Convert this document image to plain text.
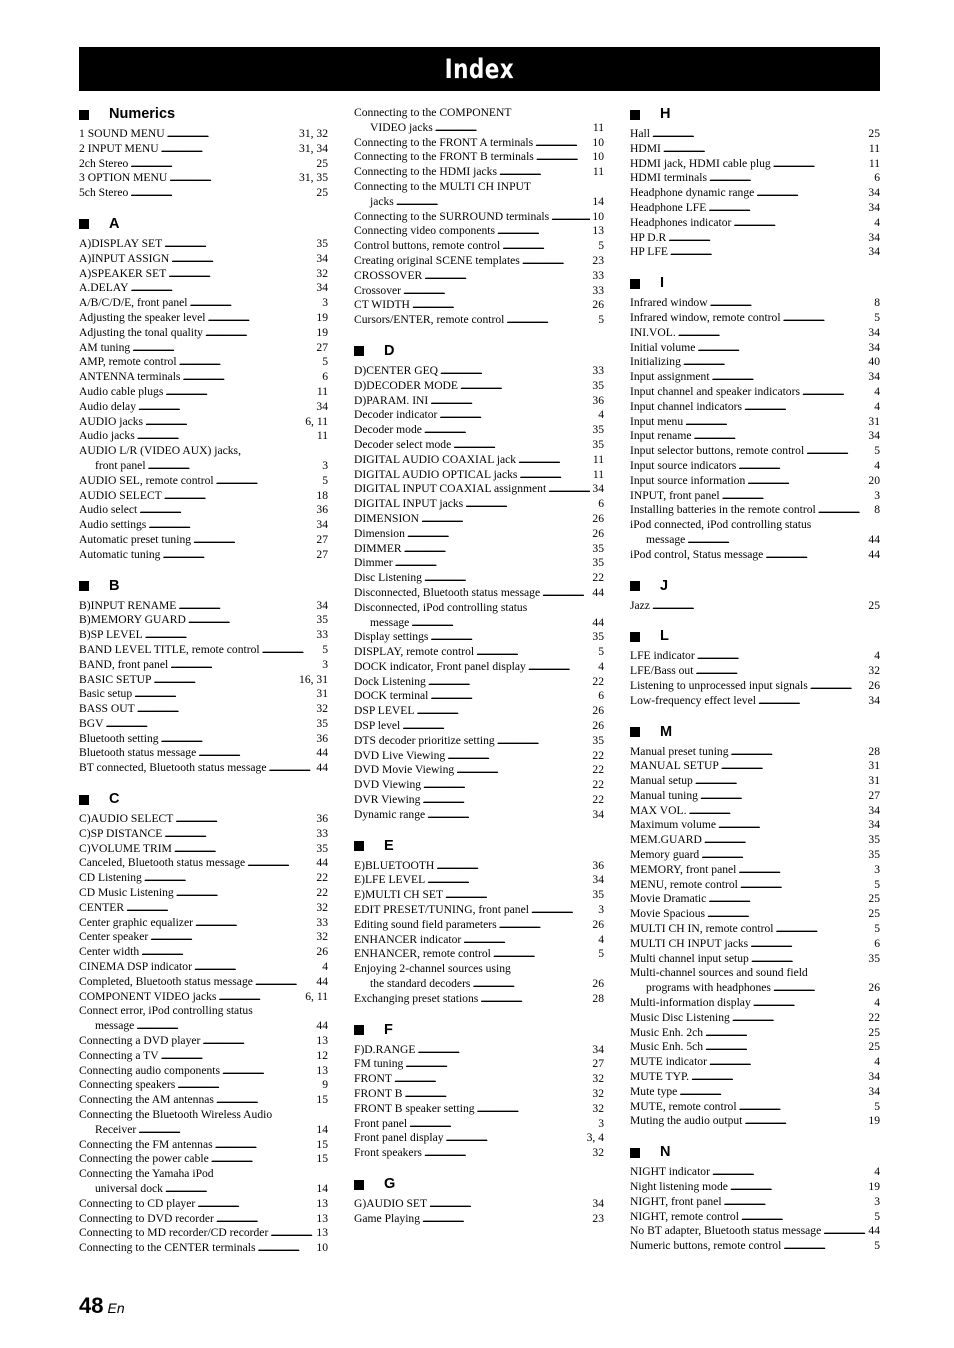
Index
Numerics
1 SOUND MENU . . .	31, 32
2 INPUT MENU . . .	31, 34
2ch Stereo . . .	25
3 OPTION MENU . . .	31, 35
5ch Stereo . . .	25
A
A)DISPLAY SET . . .	35
A)INPUT ASSIGN . . .	34
A)SPEAKER SET . . .	32
A.DELAY . . .	34
A/B/C/D/E, front panel . . .	3
Adjusting the speaker level . . .	19
Adjusting the tonal quality . . .	19
AM tuning . . .	27
AMP, remote control . . .	5
ANTENNA terminals . . .	6
Audio cable plugs . . .	11
Audio delay . . .	34
AUDIO jacks . . .	6, 11
Audio jacks . . .	11
AUDIO L/R (VIDEO AUX) jacks,
front panel . . .	3
AUDIO SEL, remote control . . .	5
AUDIO SELECT . . .	18
Audio select . . .	36
Audio settings . . .	34
Automatic preset tuning . . .	27
Automatic tuning . . .	27
B
B)INPUT RENAME . . .	34
B)MEMORY GUARD . . .	35
B)SP LEVEL . . .	33
BAND LEVEL TITLE, remote control . . .	5
BAND, front panel . . .	3
BASIC SETUP . . .	16, 31
Basic setup . . .	31
BASS OUT . . .	32
BGV . . .	35
Bluetooth setting . . .	36
Bluetooth status message . . .	44
BT connected, Bluetooth status message . . .	44
C
C)AUDIO SELECT . . .	36
C)SP DISTANCE . . .	33
C)VOLUME TRIM . . .	35
Canceled, Bluetooth status message . . .	44
CD Listening . . .	22
CD Music Listening . . .	22
CENTER . . .	32
Center graphic equalizer . . .	33
Center speaker . . .	32
Center width . . .	26
CINEMA DSP indicator . . .	4
Completed, Bluetooth status message . . .	44
COMPONENT VIDEO jacks . . .	6, 11
Connect error, iPod controlling status
message . . .	44
Connecting a DVD player . . .	13
Connecting a TV . . .	12
Connecting audio components . . .	13
Connecting speakers . . .	9
Connecting the AM antennas . . .	15
Connecting the Bluetooth Wireless Audio
Receiver . . .	14
Connecting the FM antennas . . .	15
Connecting the power cable . . .	15
Connecting the Yamaha iPod
universal dock . . .	14
Connecting to CD player . . .	13
Connecting to DVD recorder . . .	13
Connecting to MD recorder/CD recorder . . .	13
Connecting to the CENTER terminals . . .	10
Connecting to the COMPONENT
VIDEO jacks . . .	11
Connecting to the FRONT A terminals . . .	10
Connecting to the FRONT B terminals . . .	10
Connecting to the HDMI jacks . . .	11
Connecting to the MULTI CH INPUT
jacks . . .	14
Connecting to the SURROUND terminals . . .	10
Connecting video components . . .	13
Control buttons, remote control . . .	5
Creating original SCENE templates . . .	23
CROSSOVER . . .	33
Crossover . . .	33
CT WIDTH . . .	26
Cursors/ENTER, remote control . . .	5
D
D)CENTER GEQ . . .	33
D)DECODER MODE . . .	35
D)PARAM. INI . . .	36
Decoder indicator . . .	4
Decoder mode . . .	35
Decoder select mode . . .	35
DIGITAL AUDIO COAXIAL jack . . .	11
DIGITAL AUDIO OPTICAL jacks . . .	11
DIGITAL INPUT COAXIAL assignment . . .	34
DIGITAL INPUT jacks . . .	6
DIMENSION . . .	26
Dimension . . .	26
DIMMER . . .	35
Dimmer . . .	35
Disc Listening . . .	22
Disconnected, Bluetooth status message . . .	44
Disconnected, iPod controlling status
message . . .	44
Display settings . . .	35
DISPLAY, remote control . . .	5
DOCK indicator, Front panel display . . .	4
Dock Listening . . .	22
DOCK terminal . . .	6
DSP LEVEL . . .	26
DSP level . . .	26
DTS decoder prioritize setting . . .	35
DVD Live Viewing . . .	22
DVD Movie Viewing . . .	22
DVD Viewing . . .	22
DVR Viewing . . .	22
Dynamic range . . .	34
E
E)BLUETOOTH . . .	36
E)LFE LEVEL . . .	34
E)MULTI CH SET . . .	35
EDIT PRESET/TUNING, front panel . . .	3
Editing sound field parameters . . .	26
ENHANCER indicator . . .	4
ENHANCER, remote control . . .	5
Enjoying 2-channel sources using
the standard decoders . . .	26
Exchanging preset stations . . .	28
F
F)D.RANGE . . .	34
FM tuning . . .	27
FRONT . . .	32
FRONT B . . .	32
FRONT B speaker setting . . .	32
Front panel . . .	3
Front panel display . . .	3, 4
Front speakers . . .	32
G
G)AUDIO SET . . .	34
Game Playing . . .	23
H
Hall . . .	25
HDMI . . .	11
HDMI jack, HDMI cable plug . . .	11
HDMI terminals . . .	6
Headphone dynamic range . . .	34
Headphone LFE . . .	34
Headphones indicator . . .	4
HP D.R . . .	34
HP LFE . . .	34
I
Infrared window . . .	8
Infrared window, remote control . . .	5
INI.VOL. . . .	34
Initial volume . . .	34
Initializing . . .	40
Input assignment . . .	34
Input channel and speaker indicators . . .	4
Input channel indicators . . .	4
Input menu . . .	31
Input rename . . .	34
Input selector buttons, remote control . . .	5
Input source indicators . . .	4
Input source information . . .	20
INPUT, front panel . . .	3
Installing batteries in the remote control . . .	8
iPod connected, iPod controlling status
message . . .	44
iPod control, Status message . . .	44
J
Jazz . . .	25
L
LFE indicator . . .	4
LFE/Bass out . . .	32
Listening to unprocessed input signals . . .	26
Low-frequency effect level . . .	34
M
Manual preset tuning . . .	28
MANUAL SETUP . . .	31
Manual setup . . .	31
Manual tuning . . .	27
MAX VOL. . . .	34
Maximum volume . . .	34
MEM.GUARD . . .	35
Memory guard . . .	35
MEMORY, front panel . . .	3
MENU, remote control . . .	5
Movie Dramatic . . .	25
Movie Spacious . . .	25
MULTI CH IN, remote control . . .	5
MULTI CH INPUT jacks . . .	6
Multi channel input setup . . .	35
Multi-channel sources and sound field
programs with headphones . . .	26
Multi-information display . . .	4
Music Disc Listening . . .	22
Music Enh. 2ch . . .	25
Music Enh. 5ch . . .	25
MUTE indicator . . .	4
MUTE TYP. . . .	34
Mute type . . .	34
MUTE, remote control . . .	5
Muting the audio output . . .	19
N
NIGHT indicator . . .	4
Night listening mode . . .	19
NIGHT, front panel . . .	3
NIGHT, remote control . . .	5
No BT adapter, Bluetooth status message . . .	44
Numeric buttons, remote control . . .	5
48 En
